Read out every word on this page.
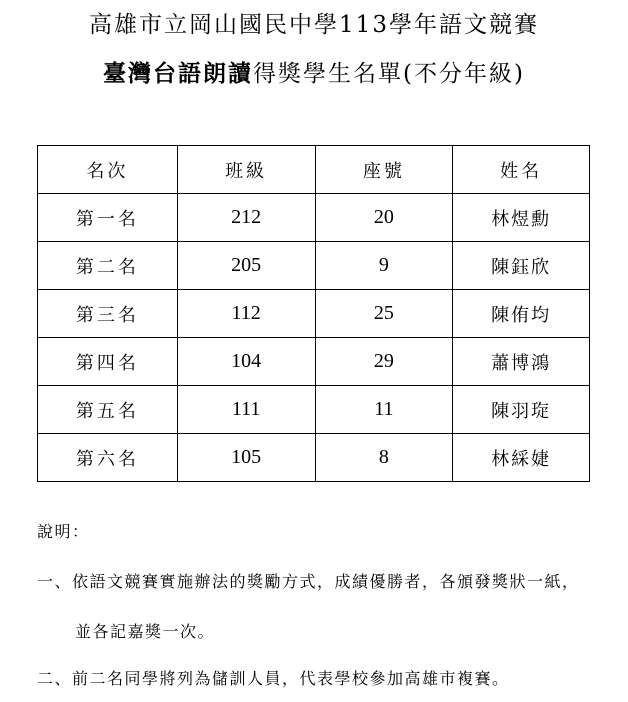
高雄市立岡山國民中學113學年語文競賽
臺灣台語朗讀得獎學生名單(不分年級)
名次	班級	座號	姓名
第一名	212	20	林煜勳
第二名	205	9	陳鈺欣
第三名	112	25	陳侑均
第四名	104	29	蕭博鴻
第五名	111	11	陳羽琁
第六名	105	8	林綵婕
說明：
一、依語文競賽實施辦法的獎勵方式，成績優勝者，各頒發獎狀一紙，
並各記嘉獎一次。
二、前二名同學將列為儲訓人員，代表學校參加高雄市複賽。
